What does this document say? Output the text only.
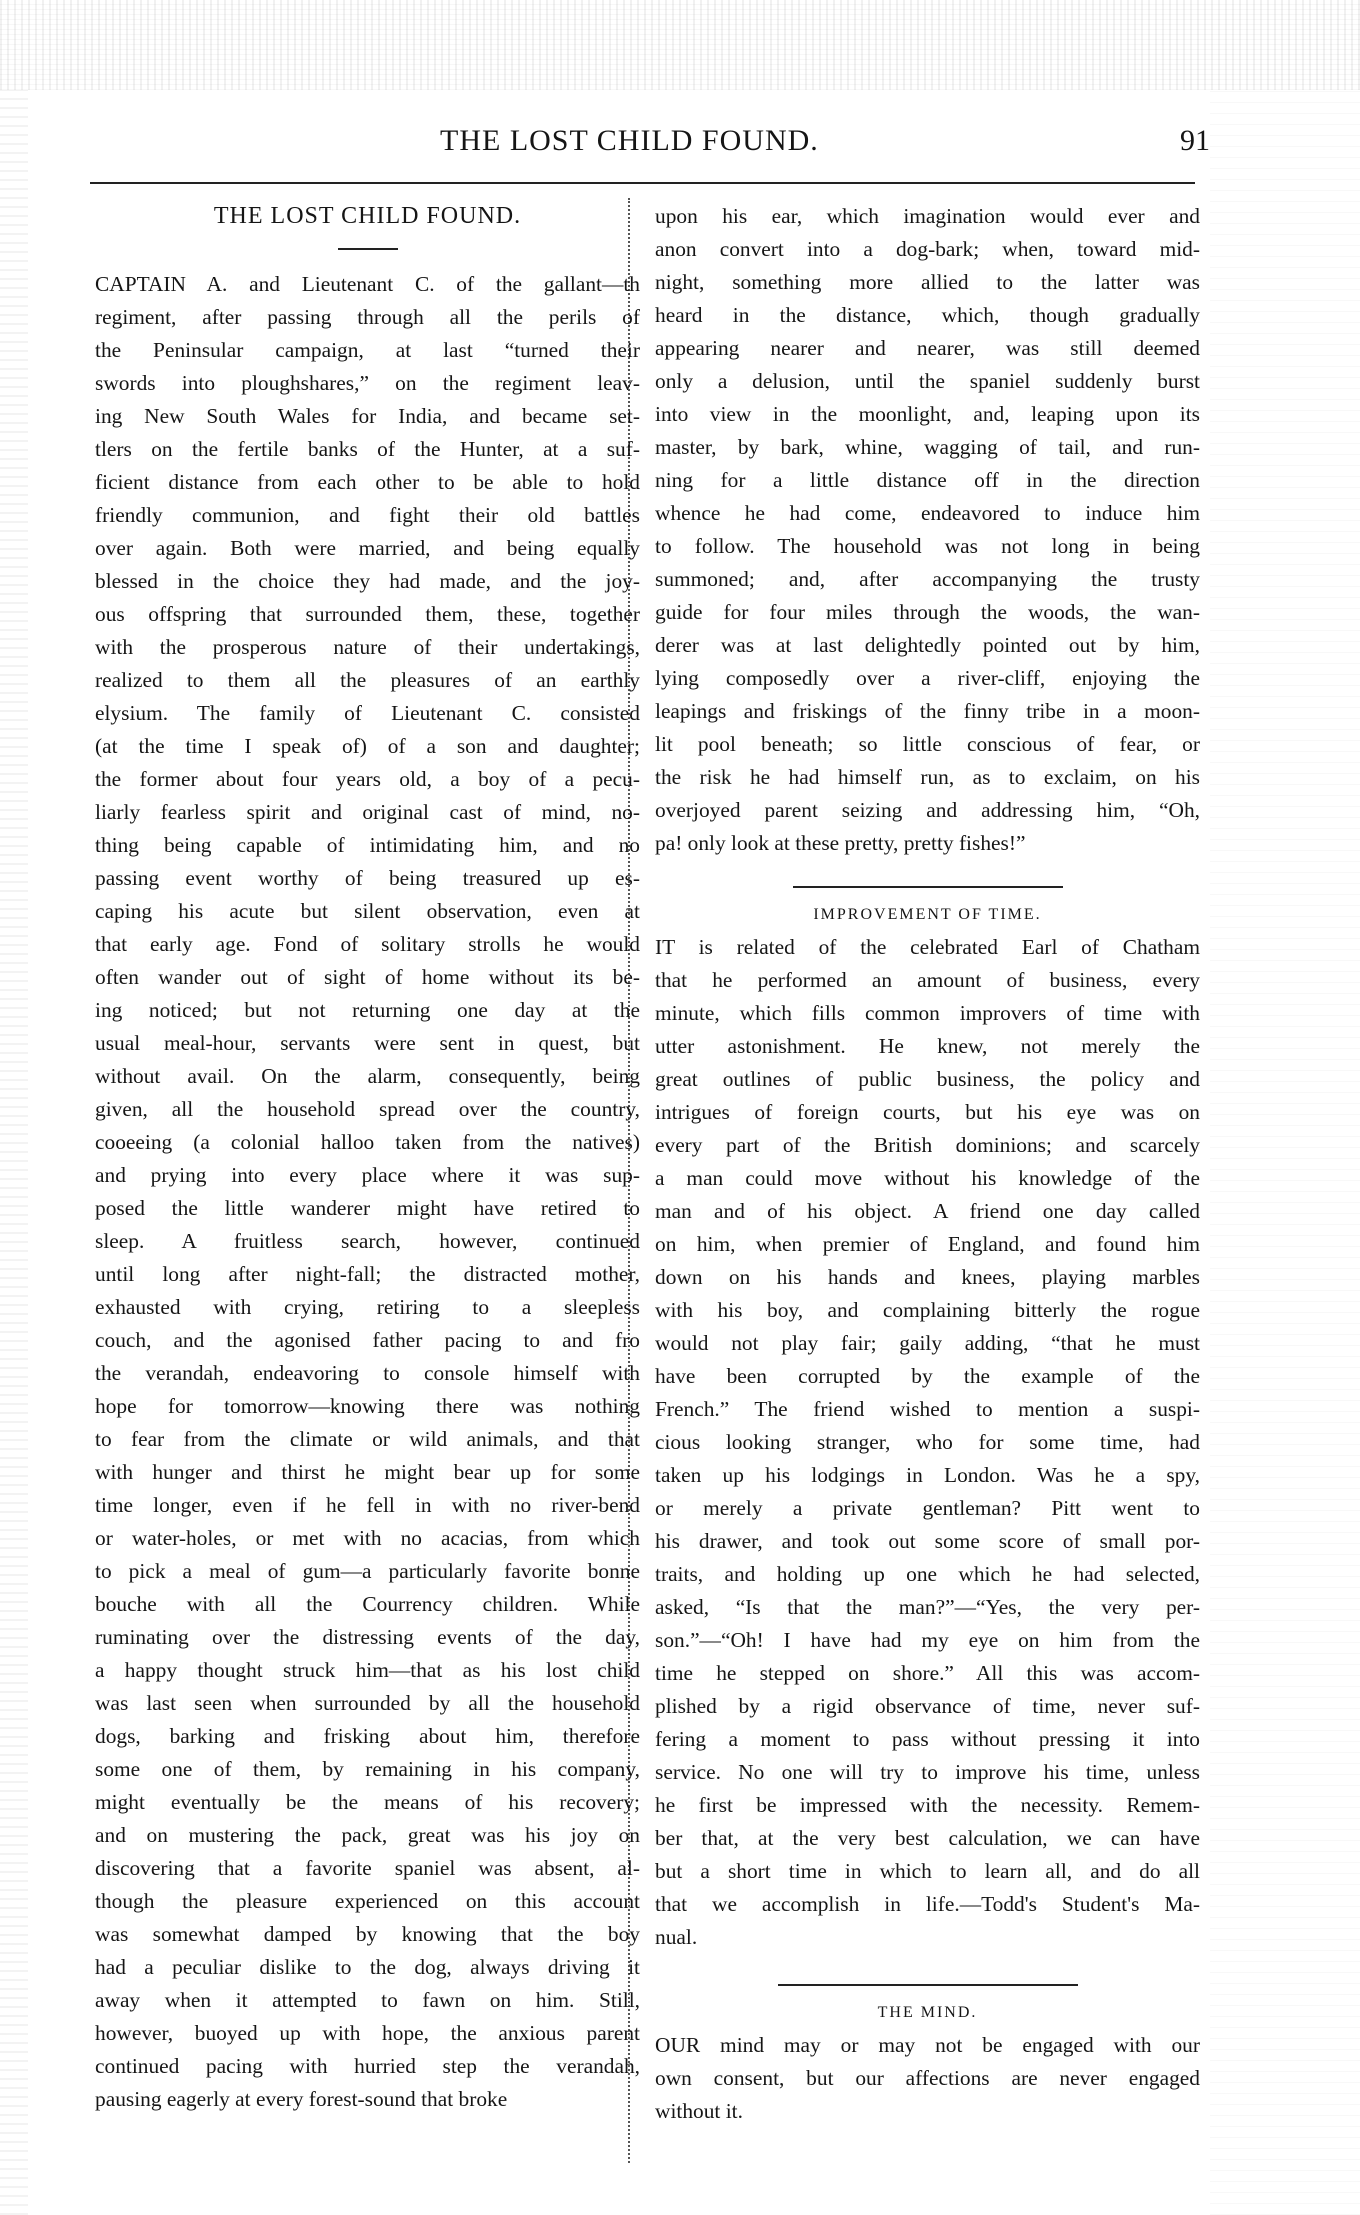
THE LOST CHILD FOUND.	91
THE LOST CHILD FOUND.
CAPTAIN A. and Lieutenant C. of the gallant—th
regiment, after passing through all the perils of
the Peninsular campaign, at last “turned their
swords into ploughshares,” on the regiment leav-
ing New South Wales for India, and became set-
tlers on the fertile banks of the Hunter, at a suf-
ficient distance from each other to be able to hold
friendly communion, and fight their old battles
over again. Both were married, and being equally
blessed in the choice they had made, and the joy-
ous offspring that surrounded them, these, together
with the prosperous nature of their undertakings,
realized to them all the pleasures of an earthly
elysium. The family of Lieutenant C. consisted
(at the time I speak of) of a son and daughter;
the former about four years old, a boy of a pecu-
liarly fearless spirit and original cast of mind, no-
thing being capable of intimidating him, and no
passing event worthy of being treasured up es-
caping his acute but silent observation, even at
that early age. Fond of solitary strolls he would
often wander out of sight of home without its be-
ing noticed; but not returning one day at the
usual meal-hour, servants were sent in quest, but
without avail. On the alarm, consequently, being
given, all the household spread over the country,
cooeeing (a colonial halloo taken from the natives)
and prying into every place where it was sup-
posed the little wanderer might have retired to
sleep. A fruitless search, however, continued
until long after night-fall; the distracted mother,
exhausted with crying, retiring to a sleepless
couch, and the agonised father pacing to and fro
the verandah, endeavoring to console himself with
hope for tomorrow—knowing there was nothing
to fear from the climate or wild animals, and that
with hunger and thirst he might bear up for some
time longer, even if he fell in with no river-bend
or water-holes, or met with no acacias, from which
to pick a meal of gum—a particularly favorite bonne
bouche with all the Courrency children. While
ruminating over the distressing events of the day,
a happy thought struck him—that as his lost child
was last seen when surrounded by all the household
dogs, barking and frisking about him, therefore
some one of them, by remaining in his company,
might eventually be the means of his recovery;
and on mustering the pack, great was his joy on
discovering that a favorite spaniel was absent, al-
though the pleasure experienced on this account
was somewhat damped by knowing that the boy
had a peculiar dislike to the dog, always driving it
away when it attempted to fawn on him. Still,
however, buoyed up with hope, the anxious parent
continued pacing with hurried step the verandah,
pausing eagerly at every forest-sound that broke
upon his ear, which imagination would ever and
anon convert into a dog-bark; when, toward mid-
night, something more allied to the latter was
heard in the distance, which, though gradually
appearing nearer and nearer, was still deemed
only a delusion, until the spaniel suddenly burst
into view in the moonlight, and, leaping upon its
master, by bark, whine, wagging of tail, and run-
ning for a little distance off in the direction
whence he had come, endeavored to induce him
to follow. The household was not long in being
summoned; and, after accompanying the trusty
guide for four miles through the woods, the wan-
derer was at last delightedly pointed out by him,
lying composedly over a river-cliff, enjoying the
leapings and friskings of the finny tribe in a moon-
lit pool beneath; so little conscious of fear, or
the risk he had himself run, as to exclaim, on his
overjoyed parent seizing and addressing him, “Oh,
pa! only look at these pretty, pretty fishes!”
IMPROVEMENT OF TIME.
IT is related of the celebrated Earl of Chatham
that he performed an amount of business, every
minute, which fills common improvers of time with
utter astonishment. He knew, not merely the
great outlines of public business, the policy and
intrigues of foreign courts, but his eye was on
every part of the British dominions; and scarcely
a man could move without his knowledge of the
man and of his object. A friend one day called
on him, when premier of England, and found him
down on his hands and knees, playing marbles
with his boy, and complaining bitterly the rogue
would not play fair; gaily adding, “that he must
have been corrupted by the example of the
French.” The friend wished to mention a suspi-
cious looking stranger, who for some time, had
taken up his lodgings in London. Was he a spy,
or merely a private gentleman? Pitt went to
his drawer, and took out some score of small por-
traits, and holding up one which he had selected,
asked, “Is that the man?”—“Yes, the very per-
son.”—“Oh! I have had my eye on him from the
time he stepped on shore.” All this was accom-
plished by a rigid observance of time, never suf-
fering a moment to pass without pressing it into
service. No one will try to improve his time, unless
he first be impressed with the necessity. Remem-
ber that, at the very best calculation, we can have
but a short time in which to learn all, and do all
that we accomplish in life.—Todd's Student's Ma-
nual.
THE MIND.
OUR mind may or may not be engaged with our
own consent, but our affections are never engaged
without it.
